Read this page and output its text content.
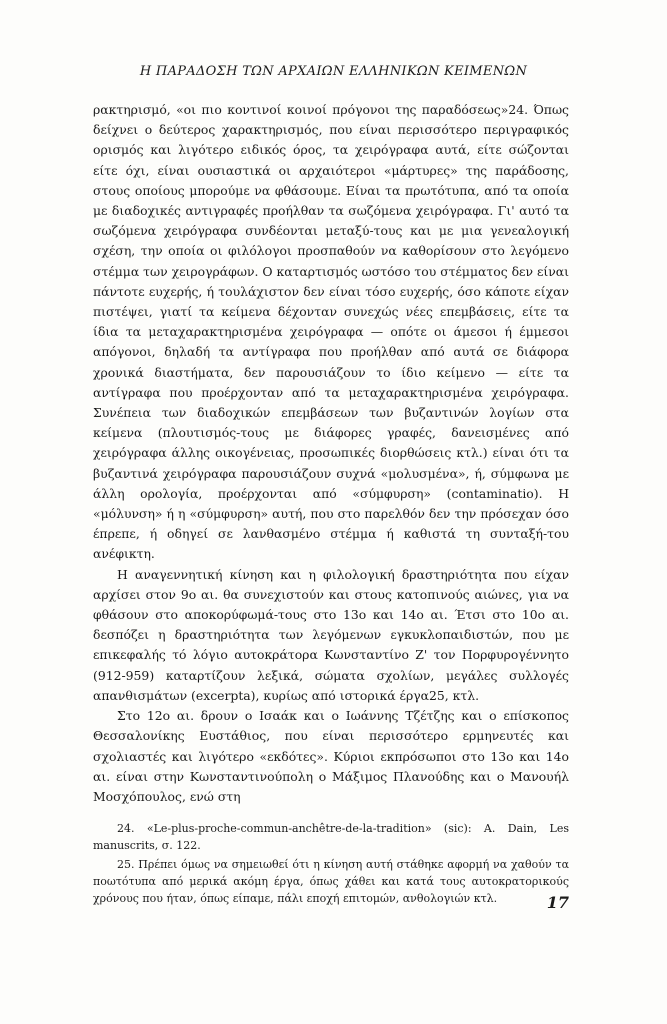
Η ΠΑΡΑΔΟΣΗ ΤΩΝ ΑΡΧΑΙΩΝ ΕΛΛΗΝΙΚΩΝ ΚΕΙΜΕΝΩΝ

ρακτηρισμό, «οι πιο κοντινοί κοινοί πρόγονοι της παραδόσεως»24. Όπως δείχνει ο δεύτερος χαρακτηρισμός, που είναι περισσότερο περιγραφικός ορισμός και λιγότερο ειδικός όρος, τα χειρόγραφα αυτά, είτε σώζονται είτε όχι, είναι ουσιαστικά οι αρχαιότεροι «μάρτυρες» της παράδοσης, στους οποίους μπορούμε να φθάσουμε. Είναι τα πρωτότυπα, από τα οποία με διαδοχικές αντιγραφές προήλθαν τα σωζόμενα χειρόγραφα. Γι' αυτό τα σωζόμενα χειρόγραφα συνδέονται μεταξύ-τους και με μια γενεαλογική σχέση, την οποία οι φιλόλογοι προσπαθούν να καθορίσουν στο λεγόμενο στέμμα των χειρογράφων. Ο καταρτισμός ωστόσο του στέμματος δεν είναι πάντοτε ευχερής, ή τουλάχιστον δεν είναι τόσο ευχερής, όσο κάποτε είχαν πιστέψει, γιατί τα κείμενα δέχονταν συνεχώς νέες επεμβάσεις, είτε τα ίδια τα μεταχαρακτηρισμένα χειρόγραφα — οπότε οι άμεσοι ή έμμεσοι απόγονοι, δηλαδή τα αντίγραφα που προήλθαν από αυτά σε διάφορα χρονικά διαστήματα, δεν παρουσιάζουν το ίδιο κείμενο — είτε τα αντίγραφα που προέρχονταν από τα μεταχαρακτηρισμένα χειρόγραφα. Συνέπεια των διαδοχικών επεμβάσεων των βυζαντινών λογίων στα κείμενα (πλουτισμός-τους με διάφορες γραφές, δανεισμένες από χειρόγραφα άλλης οικογένειας, προσωπικές διορθώσεις κτλ.) είναι ότι τα βυζαντινά χειρόγραφα παρουσιάζουν συχνά «μολυσμένα», ή, σύμφωνα με άλλη ορολογία, προέρχονται από «σύμφυρση» (contaminatio). Η «μόλυνση» ή η «σύμφυρση» αυτή, που στο παρελθόν δεν την πρόσεχαν όσο έπρεπε, ή οδηγεί σε λανθασμένο στέμμα ή καθιστά τη συνταξή-του ανέφικτη.

Η αναγεννητική κίνηση και η φιλολογική δραστηριότητα που είχαν αρχίσει στον 9ο αι. θα συνεχιστούν και στους κατοπινούς αιώνες, για να φθάσουν στο αποκορύφωμά-τους στο 13ο και 14ο αι. Έτσι στο 10ο αι. δεσπόζει η δραστηριότητα των λεγόμενων εγκυκλοπαιδιστών, που με επικεφαλής τό λόγιο αυτοκράτορα Κωνσταντίνο Ζ' τον Πορφυρογέννητο (912-959) καταρτίζουν λεξικά, σώματα σχολίων, μεγάλες συλλογές απανθισμάτων (excerpta), κυρίως από ιστορικά έργα25, κτλ.

Στο 12ο αι. δρουν ο Ισαάκ και ο Ιωάννης Τζέτζης και ο επίσκοπος Θεσσαλονίκης Ευστάθιος, που είναι περισσότερο ερμηνευτές και σχολιαστές και λιγότερο «εκδότες». Κύριοι εκπρόσωποι στο 13ο και 14ο αι. είναι στην Κωνσταντινούπολη ο Μάξιμος Πλανούδης και ο Μανουήλ Μοσχόπουλος, ενώ στη

24. «Le-plus-proche-commun-anchêtre-de-la-tradition» (sic): A. Dain, Les manuscrits, σ. 122.

25. Πρέπει όμως να σημειωθεί ότι η κίνηση αυτή στάθηκε αφορμή να χαθούν τα ποωτότυπα από μερικά ακόμη έργα, όπως χάθει και κατά τους αυτοκρατορικούς χρόνους που ήταν, όπως είπαμε, πάλι εποχή επιτομών, ανθολογιών κτλ.	17
